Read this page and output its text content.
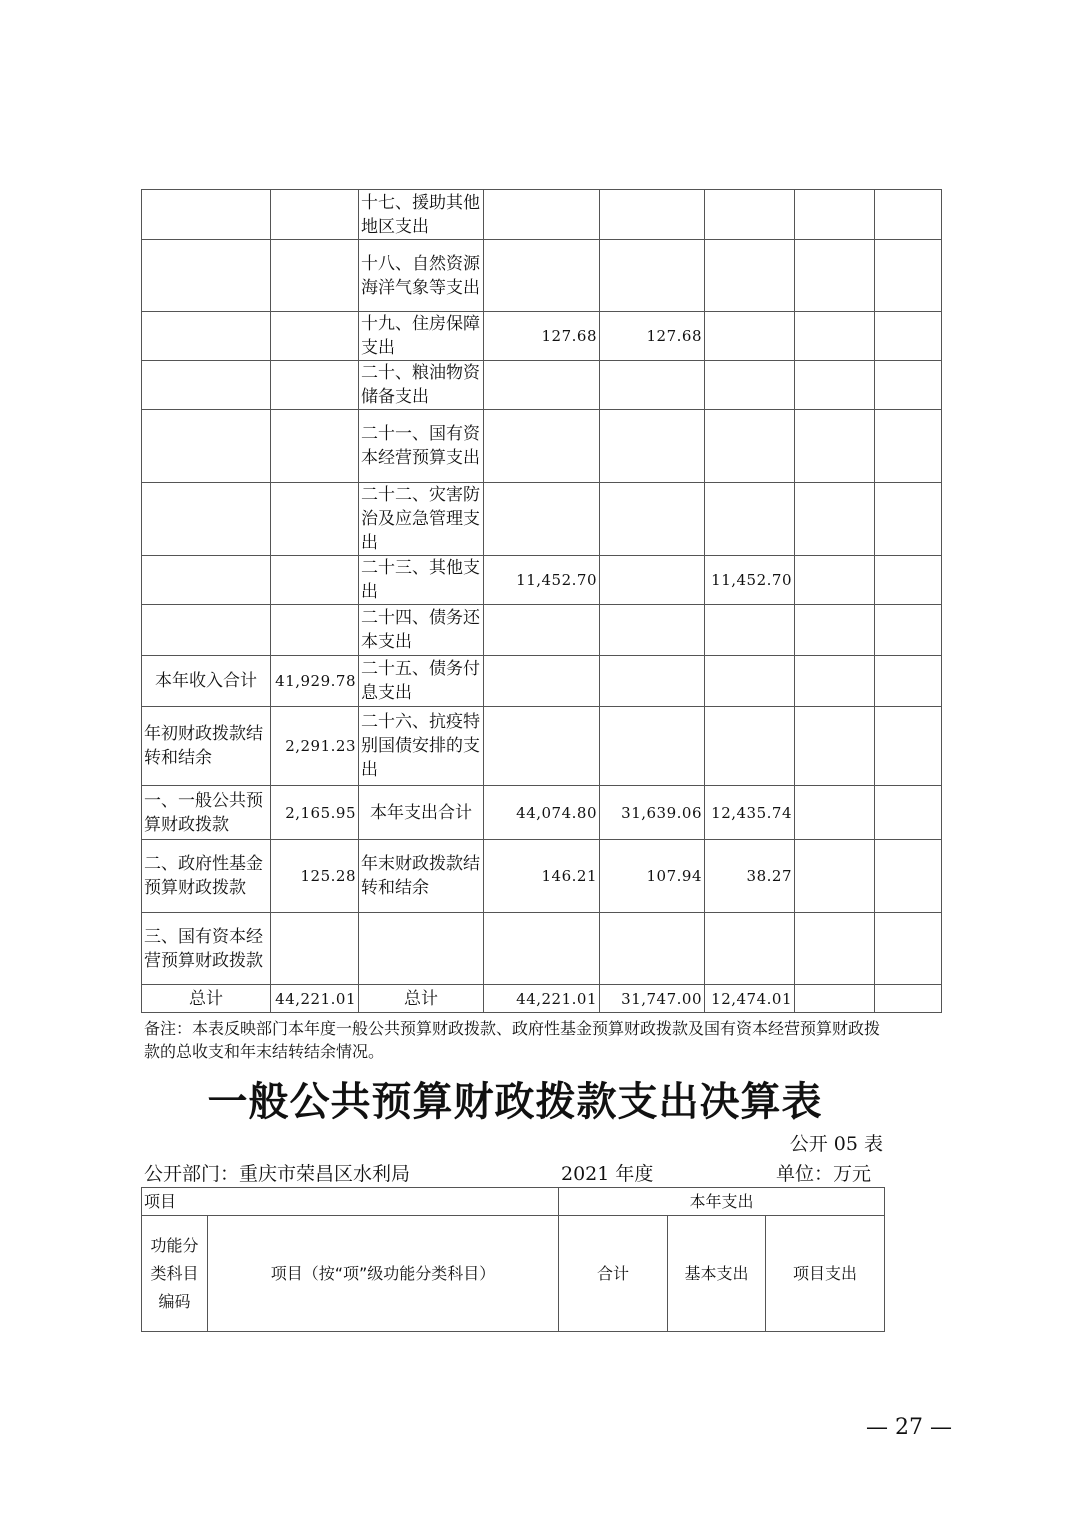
		十七、援助其他地区支出					
		十八、自然资源海洋气象等支出					
		十九、住房保障支出	127.68	127.68			
		二十、粮油物资储备支出					
		二十一、国有资本经营预算支出					
		二十二、灾害防治及应急管理支出					
		二十三、其他支出	11,452.70		11,452.70		
		二十四、债务还本支出					
本年收入合计	41,929.78	二十五、债务付息支出					
年初财政拨款结转和结余	2,291.23	二十六、抗疫特别国债安排的支出					
一、一般公共预算财政拨款	2,165.95	本年支出合计	44,074.80	31,639.06	12,435.74		
二、政府性基金预算财政拨款	125.28	年末财政拨款结转和结余	146.21	107.94	38.27		
三、国有资本经营预算财政拨款							
总计	44,221.01	总计	44,221.01	31,747.00	12,474.01		
备注：本表反映部门本年度一般公共预算财政拨款、政府性基金预算财政拨款及国有资本经营预算财政拨款的总收支和年末结转结余情况。
一般公共预算财政拨款支出决算表
公开 05 表
公开部门：重庆市荣昌区水利局	2021 年度	单位：万元
项目		本年支出		
功能分类科目编码	项目（按“项”级功能分类科目）	合计	基本支出	项目支出
— 27 —
